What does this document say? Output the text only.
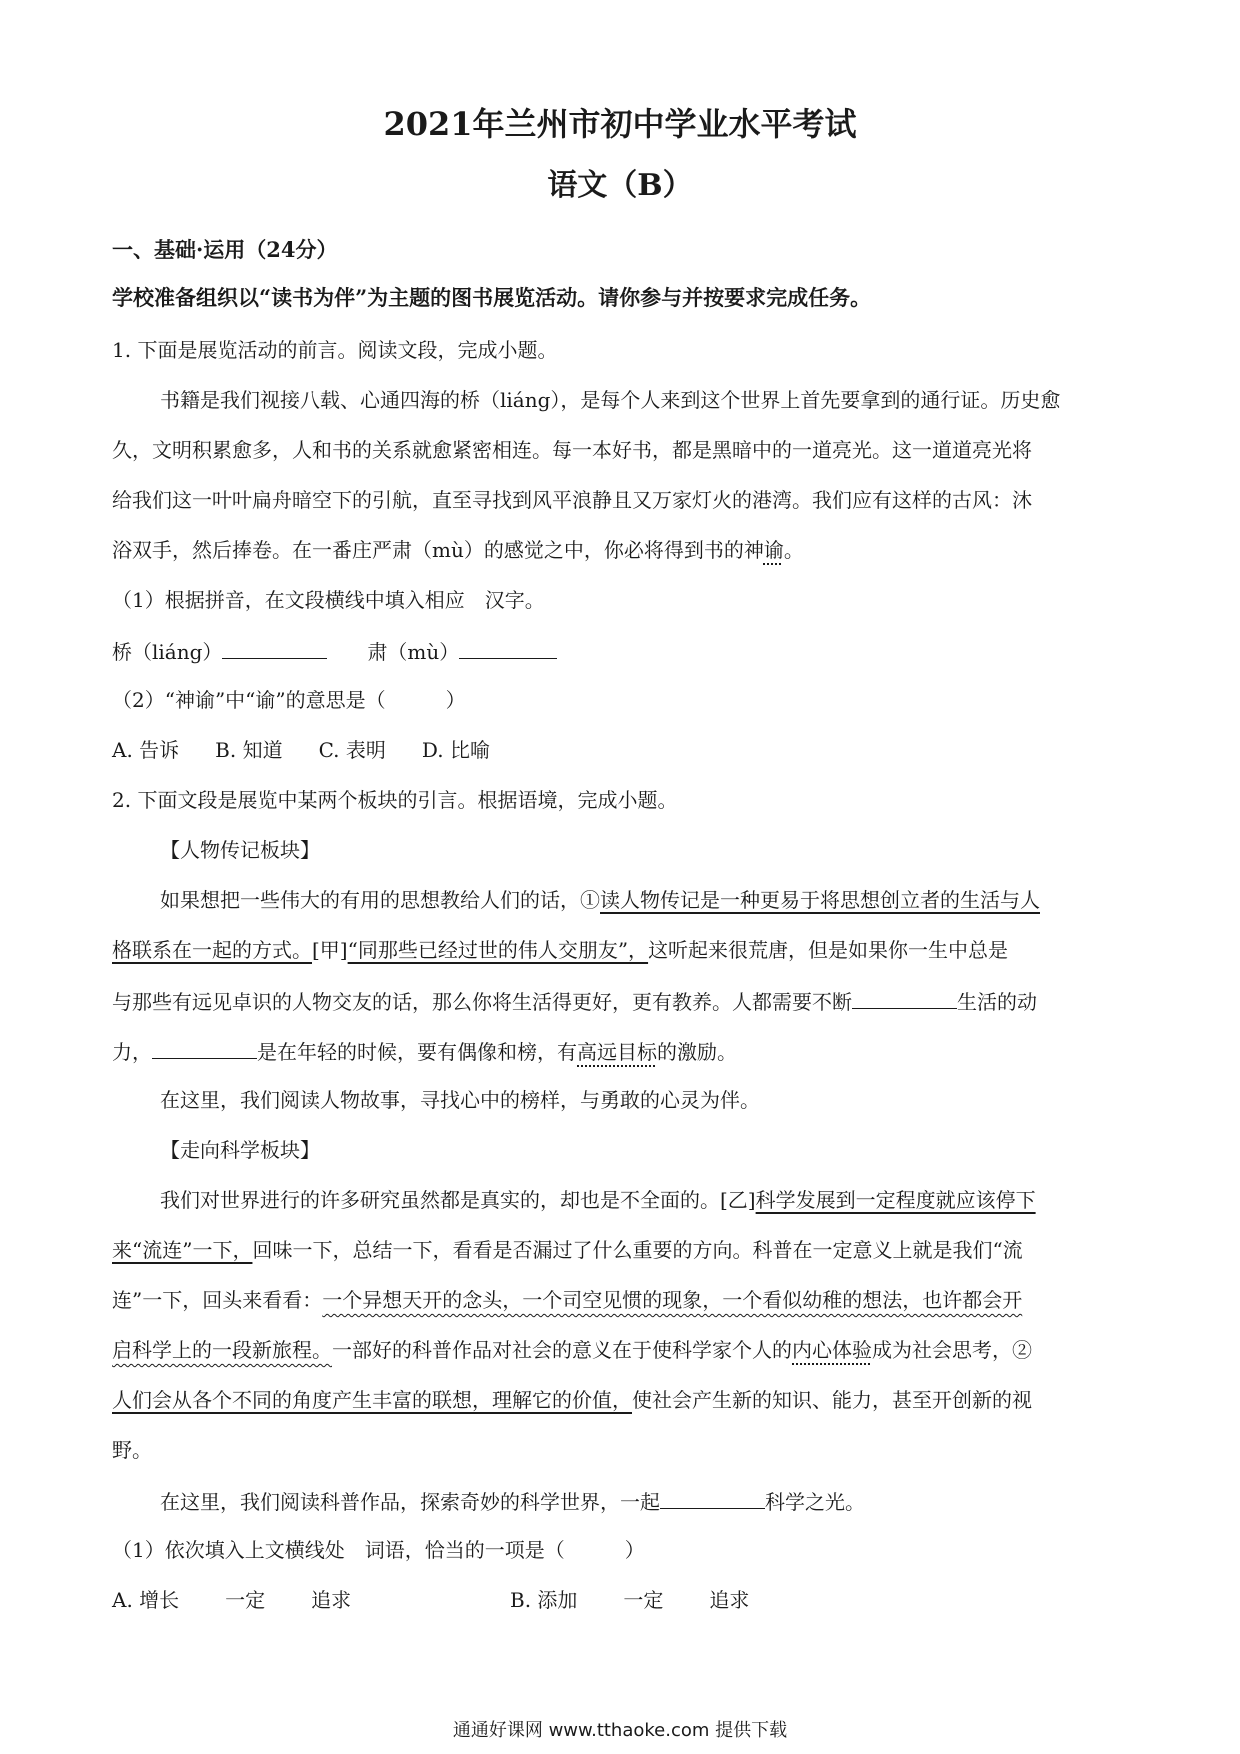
2021年兰州市初中学业水平考试
语文（B）
一、基础·运用（24分）
学校准备组织以“读书为伴”为主题的图书展览活动。请你参与并按要求完成任务。
1. 下面是展览活动的前言。阅读文段，完成小题。
书籍是我们视接八载、心通四海的桥（liáng），是每个人来到这个世界上首先要拿到的通行证。历史愈
久，文明积累愈多，人和书的关系就愈紧密相连。每一本好书，都是黑暗中的一道亮光。这一道道亮光将
给我们这一叶叶扁舟暗空下的引航，直至寻找到风平浪静且又万家灯火的港湾。我们应有这样的古风：沐
浴双手，然后捧卷。在一番庄严肃（mù）的感觉之中，你必将得到书的神谕。
（1）根据拼音，在文段横线中填入相应　汉字。
桥（liáng）	肃（mù）
（2）“神谕”中“谕”的意思是（　　　）
A. 告诉 B. 知道 C. 表明 D. 比喻
2. 下面文段是展览中某两个板块的引言。根据语境，完成小题。
【人物传记板块】
如果想把一些伟大的有用的思想教给人们的话，①读人物传记是一种更易于将思想创立者的生活与人
格联系在一起的方式。[甲]“同那些已经过世的伟人交朋友”，这听起来很荒唐，但是如果你一生中总是
与那些有远见卓识的人物交友的话，那么你将生活得更好，更有教养。人都需要不断	生活的动
力，	是在年轻的时候，要有偶像和榜，有高远目标的激励。
在这里，我们阅读人物故事，寻找心中的榜样，与勇敢的心灵为伴。
【走向科学板块】
我们对世界进行的许多研究虽然都是真实的，却也是不全面的。[乙]科学发展到一定程度就应该停下
来“流连”一下，回味一下，总结一下，看看是否漏过了什么重要的方向。科普在一定意义上就是我们“流
连”一下，回头来看看：一个异想天开的念头，一个司空见惯的现象，一个看似幼稚的想法，也许都会开
启科学上的一段新旅程。一部好的科普作品对社会的意义在于使科学家个人的内心体验成为社会思考，②
人们会从各个不同的角度产生丰富的联想，理解它的价值，使社会产生新的知识、能力，甚至开创新的视
野。
在这里，我们阅读科普作品，探索奇妙的科学世界，一起	科学之光。
（1）依次填入上文横线处　词语，恰当的一项是（　　　）
A. 增长 一定 追求	B. 添加 一定 追求
通通好课网 www.tthaoke.com 提供下载
